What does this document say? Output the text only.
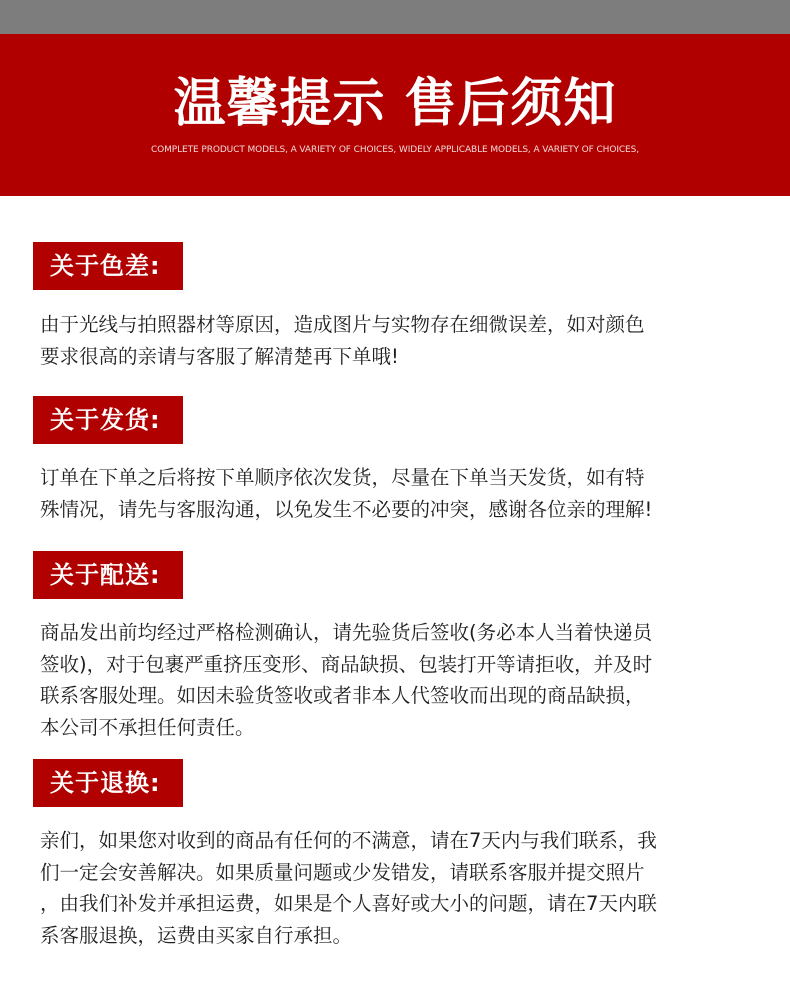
温馨提示 售后须知
COMPLETE PRODUCT MODELS, A VARIETY OF CHOICES, WIDELY APPLICABLE MODELS, A VARIETY OF CHOICES,
关于色差:
由于光线与拍照器材等原因，造成图片与实物存在细微误差，如对颜色
要求很高的亲请与客服了解清楚再下单哦!
关于发货:
订单在下单之后将按下单顺序依次发货，尽量在下单当天发货，如有特
殊情况，请先与客服沟通，以免发生不必要的冲突，感谢各位亲的理解!
关于配送:
商品发出前均经过严格检测确认，请先验货后签收(务必本人当着快递员
签收)，对于包裹严重挤压变形、商品缺损、包装打开等请拒收，并及时
联系客服处理。如因未验货签收或者非本人代签收而出现的商品缺损，
本公司不承担任何责任。
关于退换:
亲们，如果您对收到的商品有任何的不满意，请在7天内与我们联系，我
们一定会安善解决。如果质量问题或少发错发，请联系客服并提交照片
，由我们补发并承担运费，如果是个人喜好或大小的问题，请在7天内联
系客服退换，运费由买家自行承担。
